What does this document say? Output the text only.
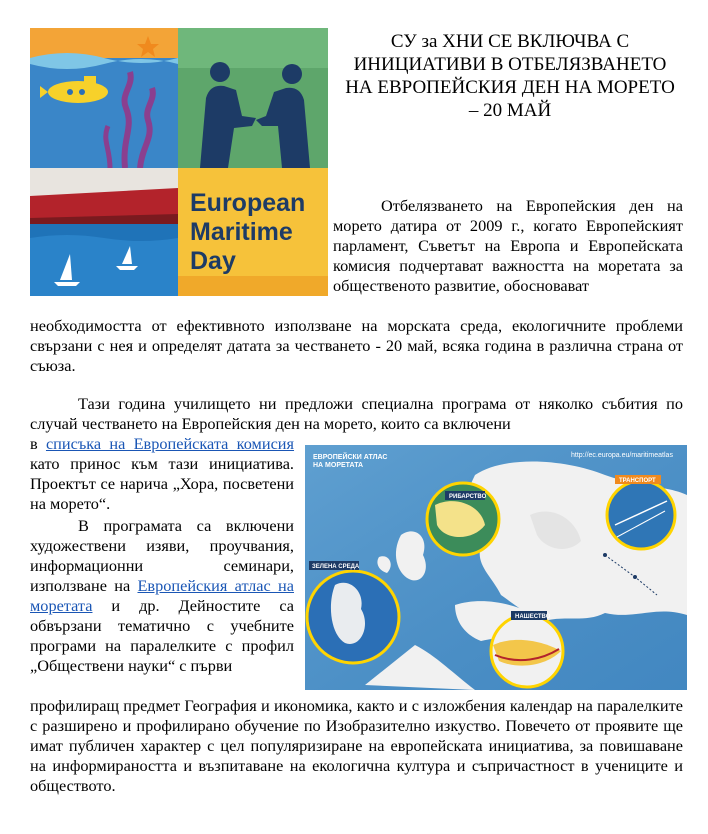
European
Maritime
Day
СУ за ХНИ СЕ ВКЛЮЧВА С ИНИЦИАТИВИ В ОТБЕЛЯЗВАНЕТО НА ЕВРОПЕЙСКИЯ ДЕН НА МОРЕТО – 20 МАЙ

Отбелязването на Европейския ден на морето датира от 2009 г., когато Европейският парламент, Съветът на Европа и Европейската комисия подчертават важността на моретата за общественото развитие, обосновават

необходимостта от ефективното използване на морската среда, екологичните проблеми свързани с нея и определят датата за честването - 20 май, всяка година в различна страна от съюза.

Тази година училището ни предложи специална програма от няколко събития по случай честването на Европейския ден на морето, които са включени

в списъка на Европейската комисия като принос към тази инициатива. Проектът се нарича „Хора, посветени на морето“.

В програмата са включени художествени изяви, проучвания, информационни семинари, използване на Европейския атлас на моретата и др. Дейностите са обвързани тематично с учебните програми на паралелките с профил „Обществени науки“ с първи

профилиращ предмет География и икономика, както и с изложбения календар на паралелките с разширено и профилирано обучение по Изобразително изкуство. Повечето от проявите ще имат публичен характер с цел популяризиране на европейската инициатива, за повишаване на информираността и възпитаване на екологична култура и съпричастност в учениците и обществото.

ЕВРОПЕЙСКИ АТЛАС
НА МОРЕТАТА
http://ec.europa.eu/maritimeatlas
РИБАРСТВО
ТРАНСПОРТ
ЗЕЛЕНА СРЕДА
НАШЕСТВО
